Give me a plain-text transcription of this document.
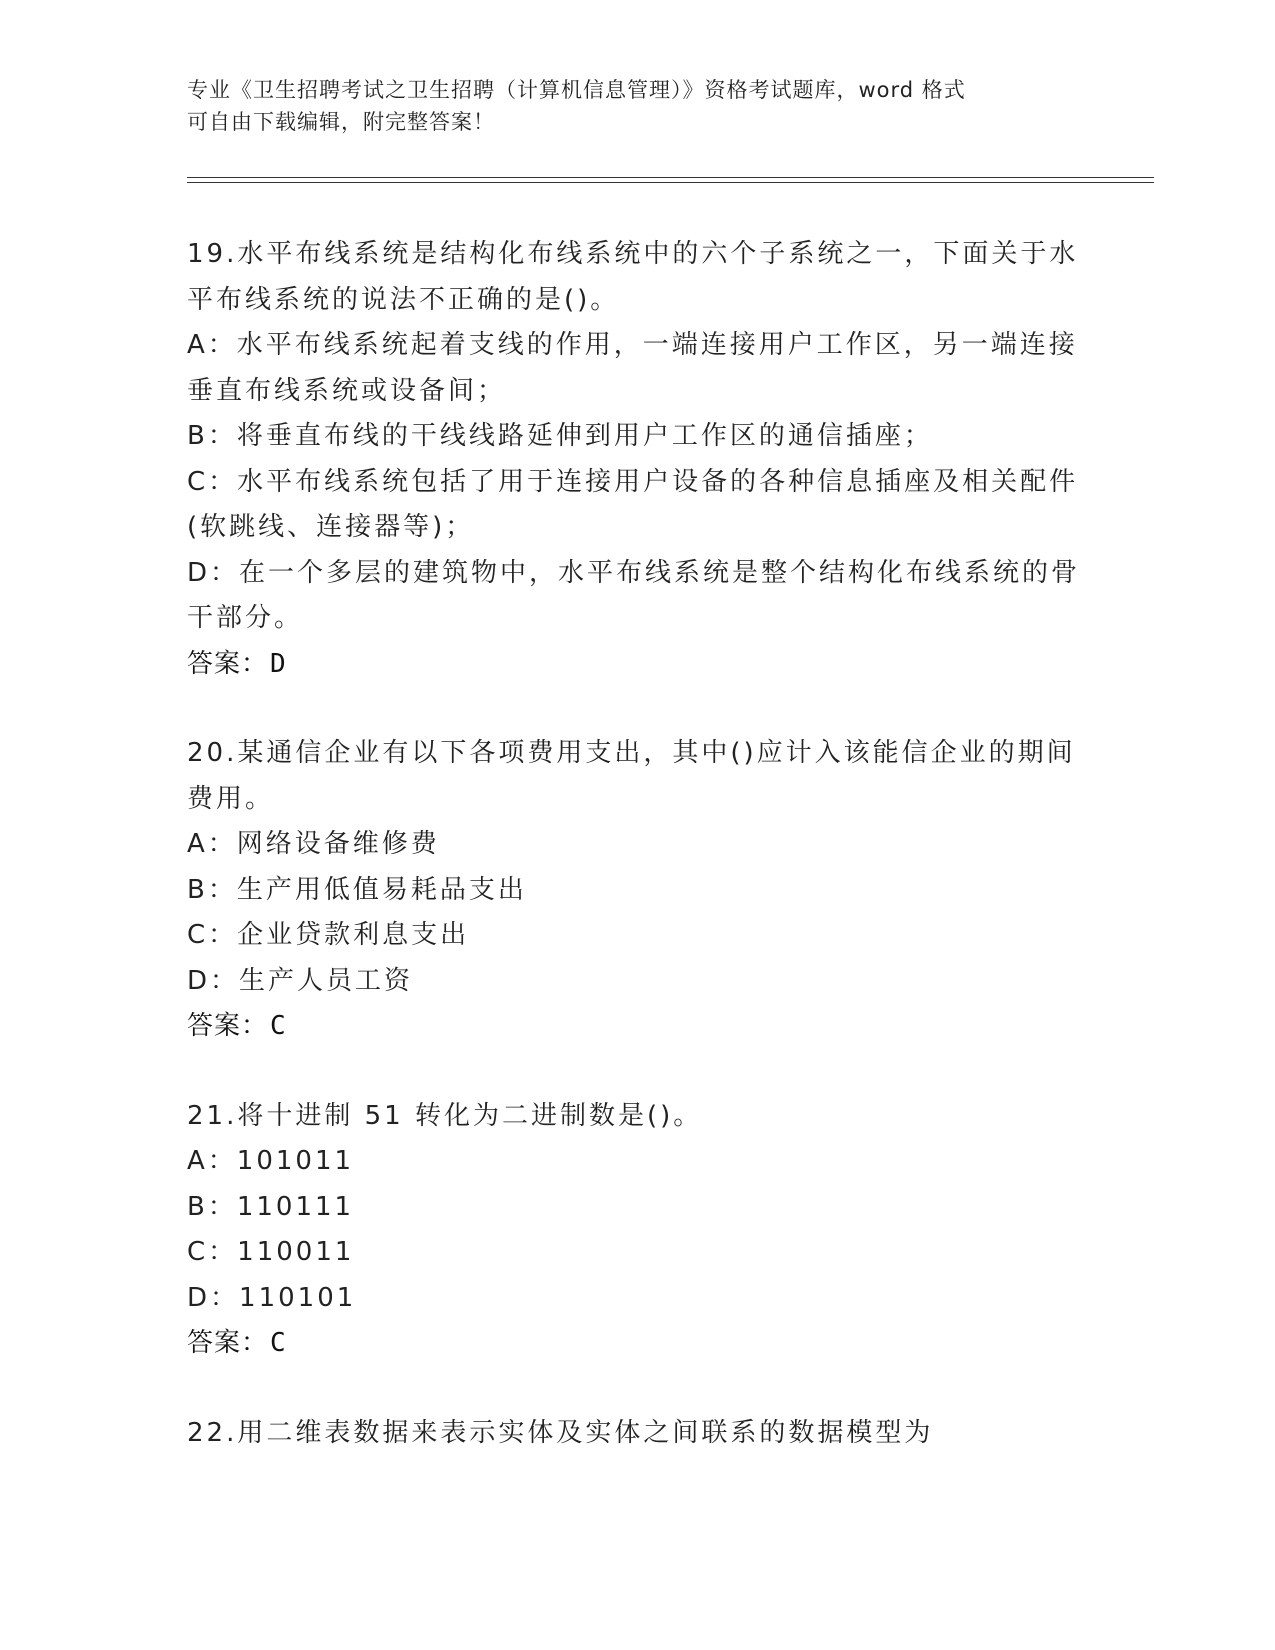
专业《卫生招聘考试之卫生招聘（计算机信息管理）》资格考试题库，word 格式
可自由下载编辑，附完整答案！
19.水平布线系统是结构化布线系统中的六个子系统之一，下面关于水
平布线系统的说法不正确的是()。
A：水平布线系统起着支线的作用，一端连接用户工作区，另一端连接
垂直布线系统或设备间；
B：将垂直布线的干线线路延伸到用户工作区的通信插座；
C：水平布线系统包括了用于连接用户设备的各种信息插座及相关配件
(软跳线、连接器等)；
D：在一个多层的建筑物中，水平布线系统是整个结构化布线系统的骨
干部分。
答案：D
20.某通信企业有以下各项费用支出，其中()应计入该能信企业的期间
费用。
A：网络设备维修费
B：生产用低值易耗品支出
C：企业贷款利息支出
D：生产人员工资
答案：C
21.将十进制 51 转化为二进制数是()。
A：101011
B：110111
C：110011
D：110101
答案：C
22.用二维表数据来表示实体及实体之间联系的数据模型为
